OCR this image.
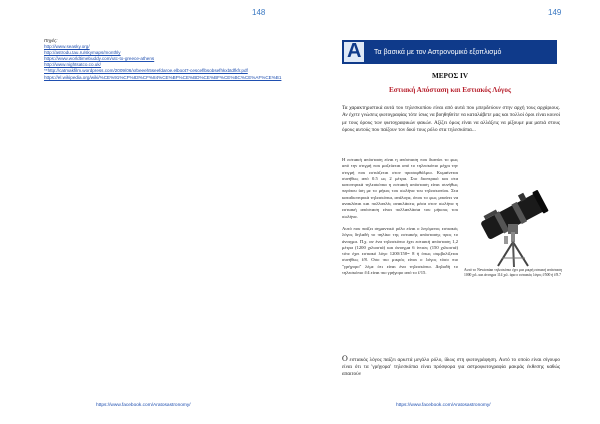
148
Πηγές:
http://www.seasky.org/
http://astrodu.tau.ru/skymaps/monthly
https://www.worldtimebuddy.com/utc-to-greece-athens
http://www.nightsatco.co.uk/
**http://catmakfilm.wordpress.com/2009/06/xrbeeeh5seefdaroe.elboot7-cesceflbsobsefhkxbtdfkfr.pdf
https://el.wikipedia.org/wiki/%CE%91%CF%83%CF%84%CE%BF%CE%BD%CE%BF%CE%BC%CE%AF%CE%B1
https://www.facebook.com/Aratosastronomy/
149
A Τα βασικά με τον Αστρονομικό εξοπλισμό
ΜΕΡΟΣ IV
Εστιακή Απόσταση και Εστιακός Λόγος
Τα χαρακτηριστικά αυτά του τηλεσκοπίου είναι από αυτά που μπερδεύουν στην αρχή τους αρχάριους. Αν έχετε γνώσεις φωτογραφίας τότε ίσως να βοηθηθείτε να καταλάβετε μας και πολλοί όροι είναι κοινοί με τους όρους των φωτογραφικών φακών. Αξίζει όμως είναι να αλλάξεις να ρίξουμε μια ματιά στους όρους αυτούς που παίζουν τον δικό τους ρόλο στα τηλεσκόπια...

Η εστιακή απόσταση είναι η απόσταση που διανύει το φως από την στιγμή που μαζεύεται από το τηλεσκόπιο μέχρι την στιγμή που εστιάζεται στον προσοφθάλμιο. Κυμαίνεται συνήθως από 0.5 ως 2 μέτρα. Στο διοπτρικό και στα κατοπτρικά τηλεσκόπια η εστιακή απόσταση είναι συνήθως περίπου ίση με το μήκος του σωλήνα του τηλεσκοπίου. Στα καταδιοπτρικά τηλεσκόπια, ανάλογα, όπου το φως μπαίνει να ανακλάται και πολλαπλές ανακλάσεις μέσα στον σωλήνα η εστιακή απόσταση είναι πολλαπλάσια του μήκους του σωλήνα.

Αυτό που παίζει σημαντικό ρόλο είναι ο λεγόμενος εστιακός λόγος δηλαδή το πηλίκο της εστιακής απόστασης προς το άνοιγμα. Π.χ. αν ένα τηλεσκόπιο έχει εστιακή απόσταση 1,2 μέτρα (1200 χιλιοστά) και άνοιγμα 6 ίντσες (150 χιλιοστά) τότε έχει εστιακό λόγο 1200/150= 8 ή όπως συμβολίζεται συνήθως f/8. Οσο πιο μικρός είναι ο λόγος τόσο πιο "γρήγορο" λέμε ότι είναι ένα τηλεσκόπιο. Δηλαδή το τηλεσκόπιο f/4 είναι πιο γρήγορο από το f/15.

Αυτό το Newtonian τηλεσκόπιο έχει μια μικρή εστιακή απόσταση 1000 χιλ. και άνοιγμα 114 χιλ. άρα ο εστιακός λόγος f/500 ή f/8.7
Ο εστιακός λόγος παίζει αρκετά μεγάλο ρόλο, ίδιως στη φωτογράφηση. Αυτό το οποίο είναι σίγουρο είναι ότι τα 'γρήγορα' τηλεσκόπια είναι πρόσφορα για αστροφωτογραφία μακράς έκθεσης καθώς απαιτούν
https://www.facebook.com/Aratosastronomy/
